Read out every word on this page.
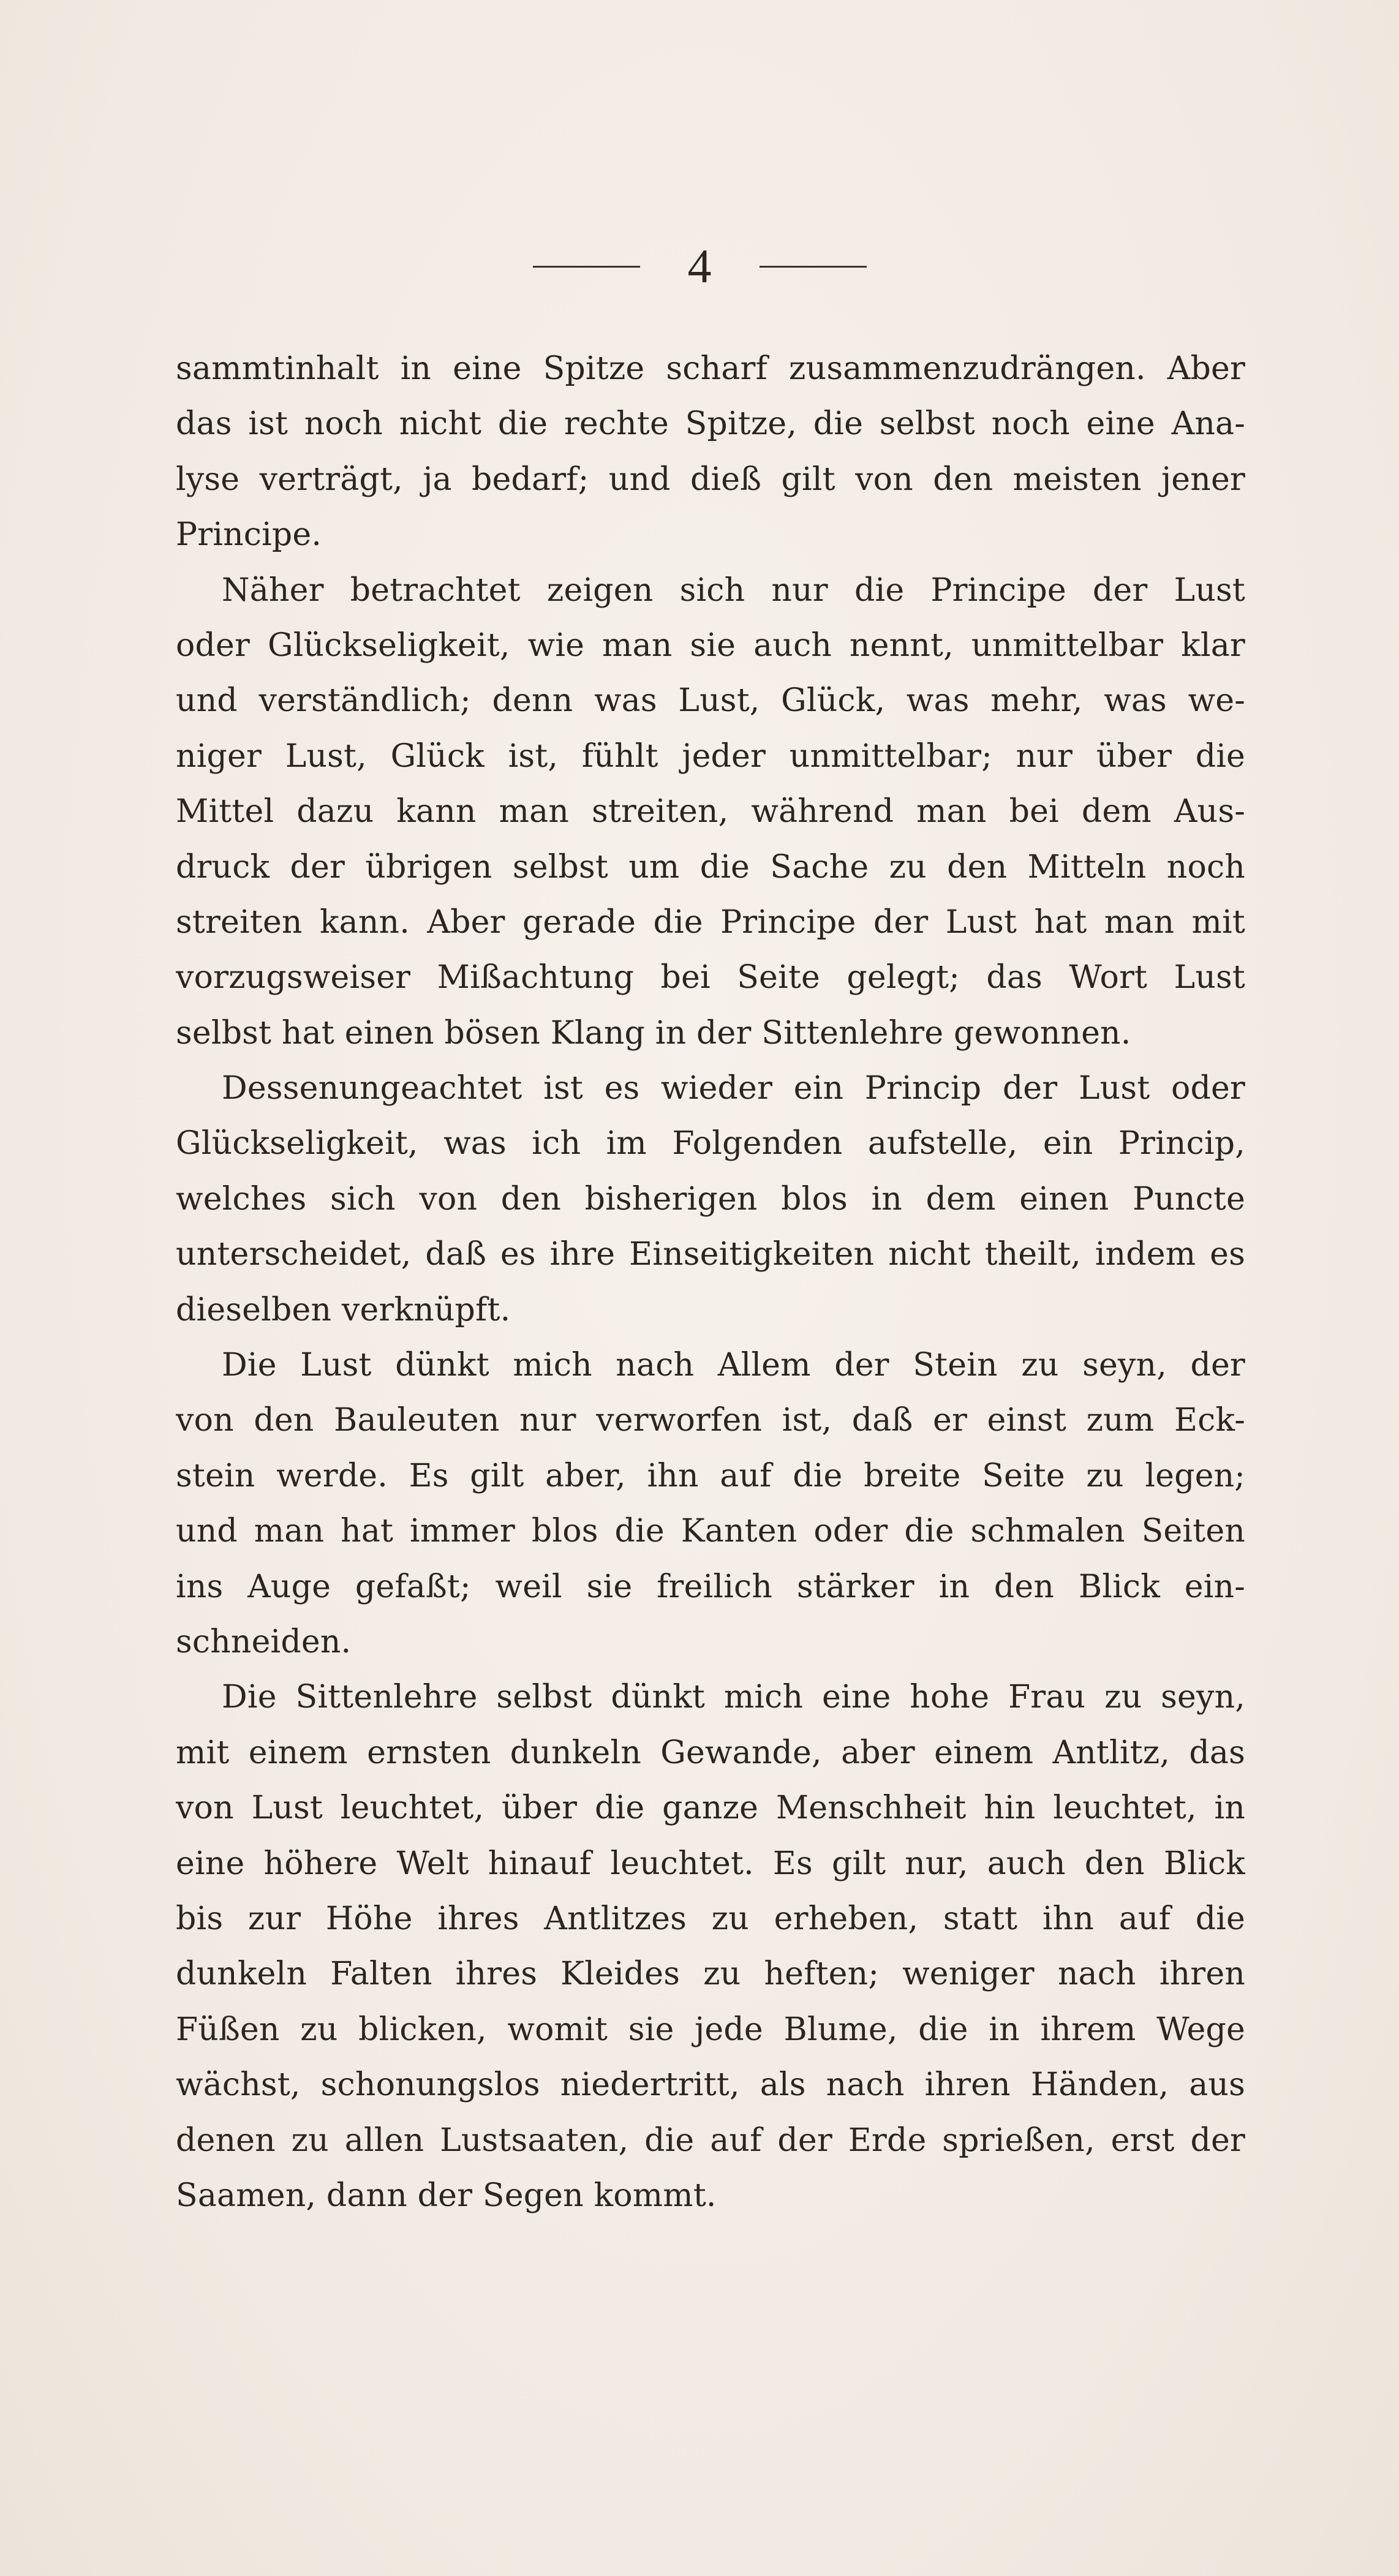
4
sammtinhalt in eine Spitze scharf zusammenzudrängen. Aber
das ist noch nicht die rechte Spitze, die selbst noch eine Ana-
lyse verträgt, ja bedarf; und dieß gilt von den meisten jener
Principe.
Näher betrachtet zeigen sich nur die Principe der Lust
oder Glückseligkeit, wie man sie auch nennt, unmittelbar klar
und verständlich; denn was Lust, Glück, was mehr, was we-
niger Lust, Glück ist, fühlt jeder unmittelbar; nur über die
Mittel dazu kann man streiten, während man bei dem Aus-
druck der übrigen selbst um die Sache zu den Mitteln noch
streiten kann. Aber gerade die Principe der Lust hat man mit
vorzugsweiser Mißachtung bei Seite gelegt; das Wort Lust
selbst hat einen bösen Klang in der Sittenlehre gewonnen.
Dessenungeachtet ist es wieder ein Princip der Lust oder
Glückseligkeit, was ich im Folgenden aufstelle, ein Princip,
welches sich von den bisherigen blos in dem einen Puncte
unterscheidet, daß es ihre Einseitigkeiten nicht theilt, indem es
dieselben verknüpft.
Die Lust dünkt mich nach Allem der Stein zu seyn, der
von den Bauleuten nur verworfen ist, daß er einst zum Eck-
stein werde. Es gilt aber, ihn auf die breite Seite zu legen;
und man hat immer blos die Kanten oder die schmalen Seiten
ins Auge gefaßt; weil sie freilich stärker in den Blick ein-
schneiden.
Die Sittenlehre selbst dünkt mich eine hohe Frau zu seyn,
mit einem ernsten dunkeln Gewande, aber einem Antlitz, das
von Lust leuchtet, über die ganze Menschheit hin leuchtet, in
eine höhere Welt hinauf leuchtet. Es gilt nur, auch den Blick
bis zur Höhe ihres Antlitzes zu erheben, statt ihn auf die
dunkeln Falten ihres Kleides zu heften; weniger nach ihren
Füßen zu blicken, womit sie jede Blume, die in ihrem Wege
wächst, schonungslos niedertritt, als nach ihren Händen, aus
denen zu allen Lustsaaten, die auf der Erde sprießen, erst der
Saamen, dann der Segen kommt.
